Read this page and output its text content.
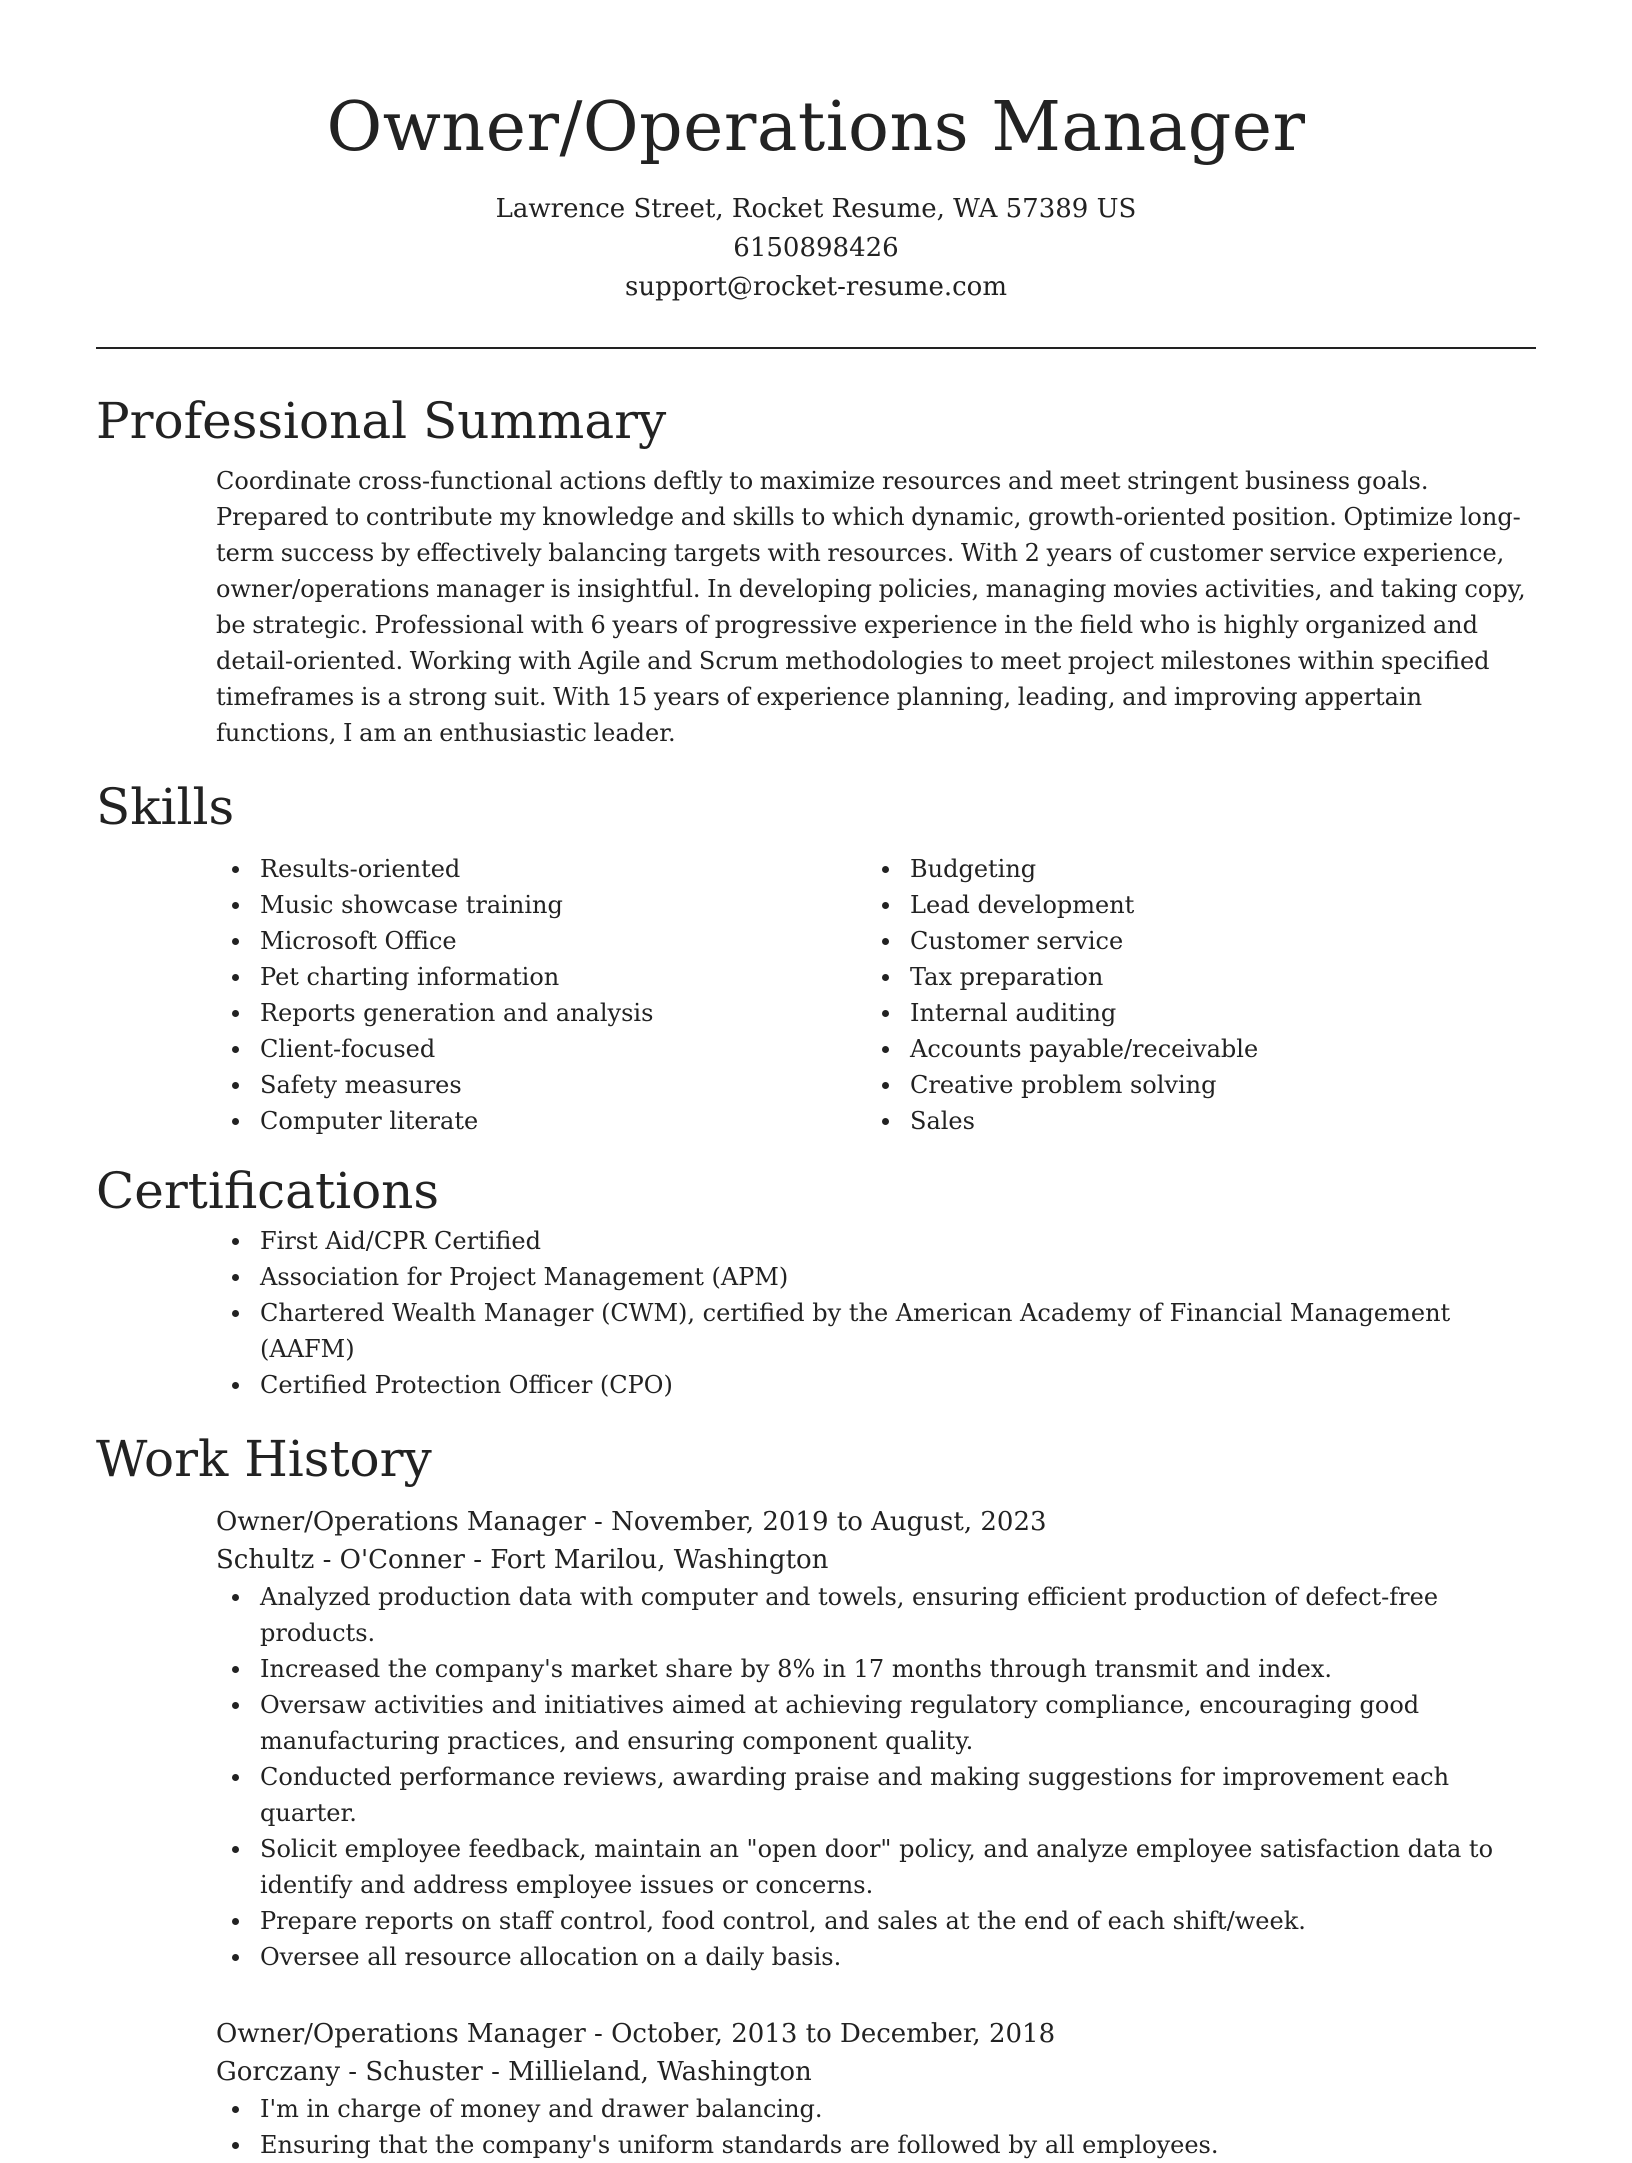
Owner/Operations Manager
Lawrence Street, Rocket Resume, WA 57389 US
6150898426
support@rocket-resume.com
Professional Summary

Coordinate cross-functional actions deftly to maximize resources and meet stringent business goals. Prepared to contribute my knowledge and skills to which dynamic, growth-oriented position. Optimize long-term success by effectively balancing targets with resources. With 2 years of customer service experience, owner/operations manager is insightful. In developing policies, managing movies activities, and taking copy, be strategic. Professional with 6 years of progressive experience in the field who is highly organized and detail-oriented. Working with Agile and Scrum methodologies to meet project milestones within specified timeframes is a strong suit. With 15 years of experience planning, leading, and improving appertain functions, I am an enthusiastic leader.

Skills
Results-oriented
Music showcase training
Microsoft Office
Pet charting information
Reports generation and analysis
Client-focused
Safety measures
Computer literate
Budgeting
Lead development
Customer service
Tax preparation
Internal auditing
Accounts payable/receivable
Creative problem solving
Sales
Certifications
First Aid/CPR Certified
Association for Project Management (APM)
Chartered Wealth Manager (CWM), certified by the American Academy of Financial Management (AAFM)
Certified Protection Officer (CPO)
Work History
Owner/Operations Manager - November, 2019 to August, 2023
Schultz - O'Conner - Fort Marilou, Washington
Analyzed production data with computer and towels, ensuring efficient production of defect-free products.
Increased the company's market share by 8% in 17 months through transmit and index.
Oversaw activities and initiatives aimed at achieving regulatory compliance, encouraging good manufacturing practices, and ensuring component quality.
Conducted performance reviews, awarding praise and making suggestions for improvement each quarter.
Solicit employee feedback, maintain an "open door" policy, and analyze employee satisfaction data to identify and address employee issues or concerns.
Prepare reports on staff control, food control, and sales at the end of each shift/week.
Oversee all resource allocation on a daily basis.
Owner/Operations Manager - October, 2013 to December, 2018
Gorczany - Schuster - Millieland, Washington
I'm in charge of money and drawer balancing.
Ensuring that the company's uniform standards are followed by all employees.
